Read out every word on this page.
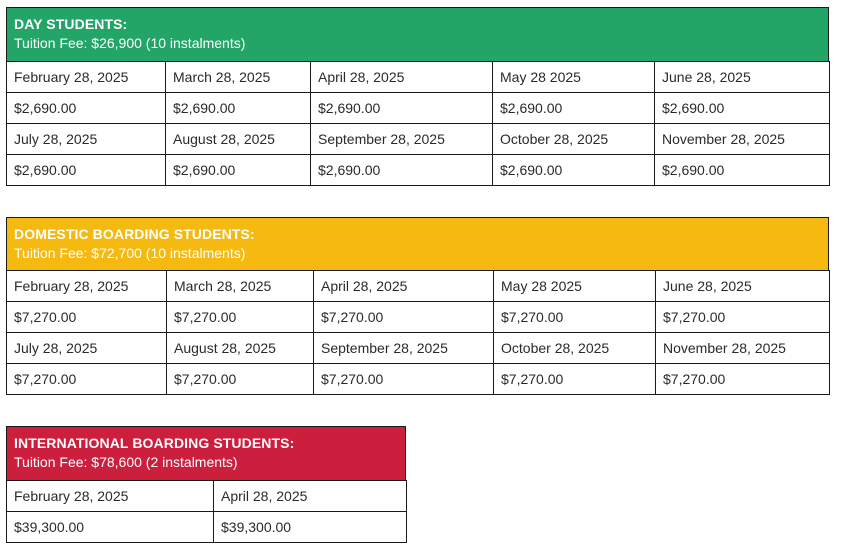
DAY STUDENTS:
Tuition Fee: $26,900 (10 instalments)
February 28, 2025	March 28, 2025	April 28, 2025	May 28 2025	June 28, 2025
$2,690.00	$2,690.00	$2,690.00	$2,690.00	$2,690.00
July 28, 2025	August 28, 2025	September 28, 2025	October 28, 2025	November 28, 2025
$2,690.00	$2,690.00	$2,690.00	$2,690.00	$2,690.00
DOMESTIC BOARDING STUDENTS:
Tuition Fee: $72,700 (10 instalments)
February 28, 2025	March 28, 2025	April 28, 2025	May 28 2025	June 28, 2025
$7,270.00	$7,270.00	$7,270.00	$7,270.00	$7,270.00
July 28, 2025	August 28, 2025	September 28, 2025	October 28, 2025	November 28, 2025
$7,270.00	$7,270.00	$7,270.00	$7,270.00	$7,270.00
INTERNATIONAL BOARDING STUDENTS:
Tuition Fee: $78,600 (2 instalments)
February 28, 2025	April 28, 2025
$39,300.00	$39,300.00
